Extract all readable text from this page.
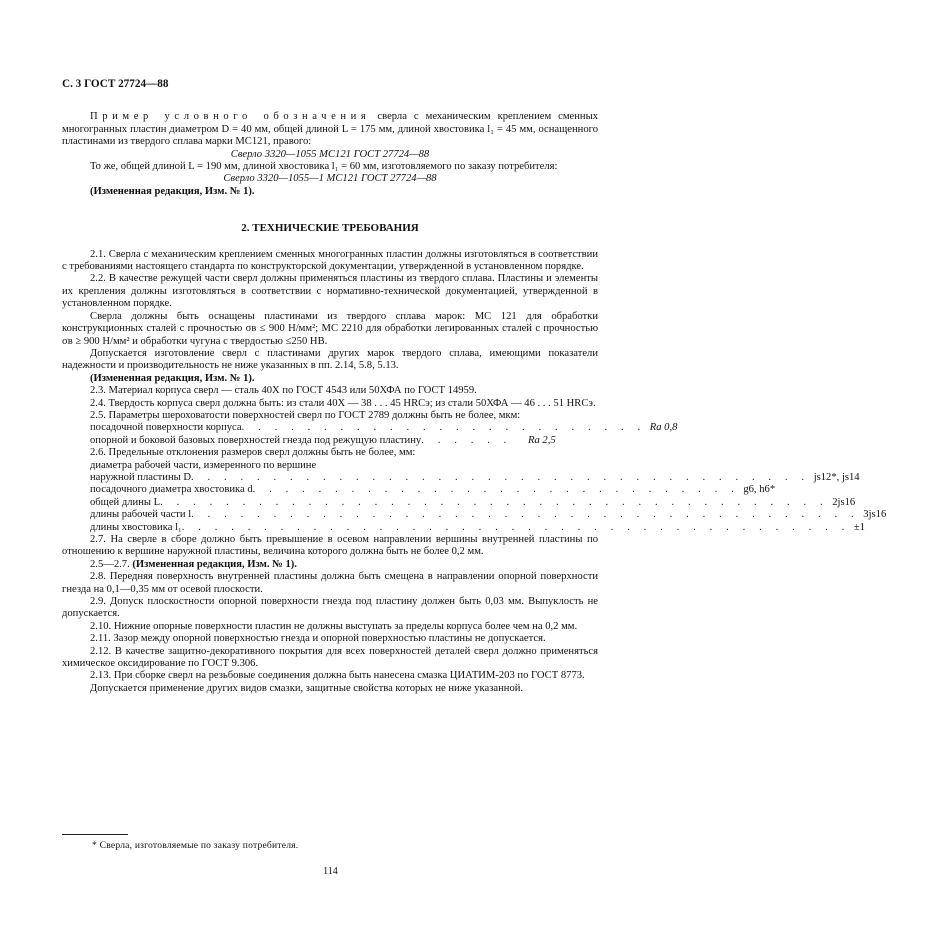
С. 3 ГОСТ 27724—88

Пример условного обозначения сверла с механическим креплением сменных многогранных пластин диаметром D = 40 мм, общей длиной L = 175 мм, длиной хвостовика l₁ = 45 мм, оснащенного пластинами из твердого сплава марки МС121, правого:

Сверло 3320—1055 МС121 ГОСТ 27724—88

То же, общей длиной L = 190 мм, длиной хвостовика l₁ = 60 мм, изготовляемого по заказу потребителя:

Сверло 3320—1055—1 МС121 ГОСТ 27724—88

(Измененная редакция, Изм. № 1).

2. ТЕХНИЧЕСКИЕ ТРЕБОВАНИЯ

2.1. Сверла с механическим креплением сменных многогранных пластин должны изготовляться в соответствии с требованиями настоящего стандарта по конструкторской документации, утвержденной в установленном порядке.

2.2. В качестве режущей части сверл должны применяться пластины из твердого сплава. Пластины и элементы их крепления должны изготовляться в соответствии с нормативно-технической документацией, утвержденной в установленном порядке.

Сверла должны быть оснащены пластинами из твердого сплава марок: МС 121 для обработки конструкционных сталей с прочностью σв ≤ 900 Н/мм²; МС 2210 для обработки легированных сталей с прочностью σв ≥ 900 Н/мм² и обработки чугуна с твердостью ≤250 НВ.

Допускается изготовление сверл с пластинами других марок твердого сплава, имеющими показатели надежности и производительность не ниже указанных в пп. 2.14, 5.8, 5.13.

(Измененная редакция, Изм. № 1).

2.3. Материал корпуса сверл — сталь 40Х по ГОСТ 4543 или 50ХФА по ГОСТ 14959.

2.4. Твердость корпуса сверл должна быть: из стали 40Х — 38 . . . 45 HRCэ; из стали 50ХФА — 46 . . . 51 HRCэ.

2.5. Параметры шероховатости поверхностей сверл по ГОСТ 2789 должны быть не более, мкм:

посадочной поверхности корпуса . . . . . . . . . . . . . . . . . . . . . . . . . Ra 0,8
опорной и боковой базовых поверхностей гнезда под режущую пластину . . . . . .	Ra 2,5

2.6. Предельные отклонения размеров сверл должны быть не более, мм:

диаметра рабочей части, измеренного по вершине

наружной пластины D . . . . . . . . . . . . . . . . . . . . . . . . . . . . . . . . . . . . . . js12*, js14
посадочного диаметра хвостовика d . . . . . . . . . . . . . . . . . . . . . . . . . . . . . . g6, h6*
общей длины L . . . . . . . . . . . . . . . . . . . . . . . . . . . . . . . . . . . . . . . . . 2js16
длины рабочей части l . . . . . . . . . . . . . . . . . . . . . . . . . . . . . . . . . . . . . . . . . 3js16
длины хвостовика l₁ . . . . . . . . . . . . . . . . . . . . . . . . . . . . . . . . . . . . . . . . . ±1

2.7. На сверле в сборе должно быть превышение в осевом направлении вершины внутренней пластины по отношению к вершине наружной пластины, величина которого должна быть не более 0,2 мм.

2.5—2.7. (Измененная редакция, Изм. № 1).

2.8. Передняя поверхность внутренней пластины должна быть смещена в направлении опорной поверхности гнезда на 0,1—0,35 мм от осевой плоскости.

2.9. Допуск плоскостности опорной поверхности гнезда под пластину должен быть 0,03 мм. Выпуклость не допускается.

2.10. Нижние опорные поверхности пластин не должны выступать за пределы корпуса более чем на 0,2 мм.

2.11. Зазор между опорной поверхностью гнезда и опорной поверхностью пластины не допускается.

2.12. В качестве защитно-декоративного покрытия для всех поверхностей деталей сверл должно применяться химическое оксидирование по ГОСТ 9.306.

2.13. При сборке сверл на резьбовые соединения должна быть нанесена смазка ЦИАТИМ-203 по ГОСТ 8773.

Допускается применение других видов смазки, защитные свойства которых не ниже указанной.

* Сверла, изготовляемые по заказу потребителя.
114
